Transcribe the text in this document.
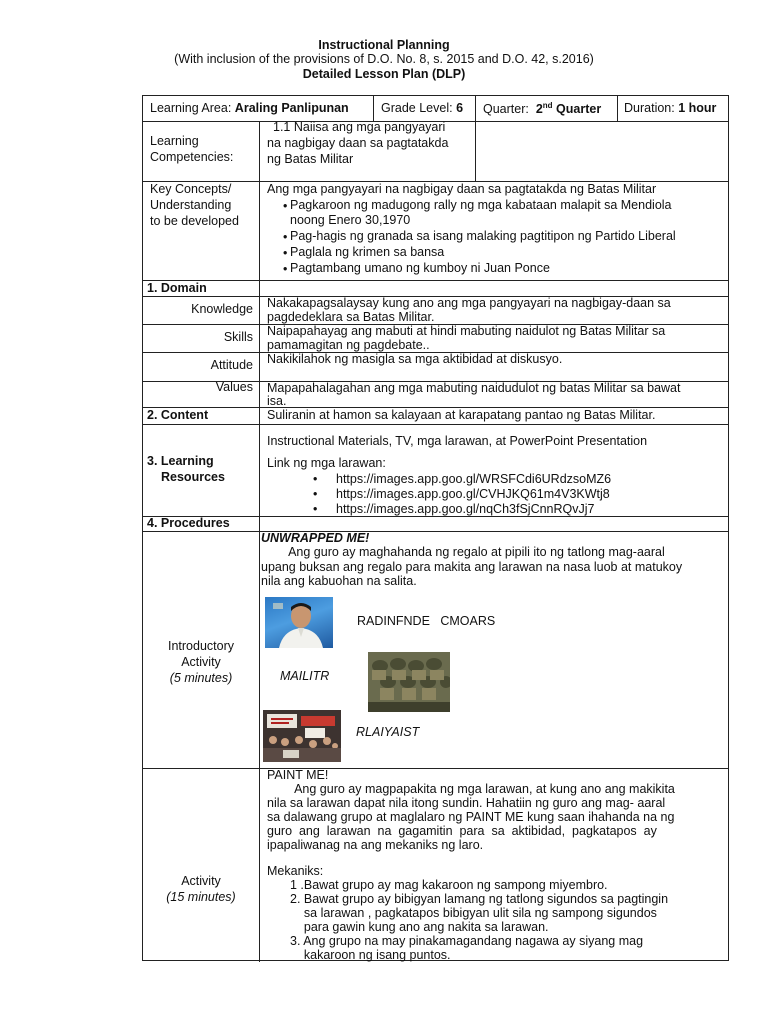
Instructional Planning
(With inclusion of the provisions of D.O. No. 8, s. 2015 and D.O. 42, s.2016)
Detailed Lesson Plan (DLP)
Learning Area: Araling Panlipunan	Grade Level: 6 Quarter: 2nd Quarter Duration: 1 hour
Learning
Competencies:
1.1 Naiisa ang mga pangyayari
na nagbigay daan sa pagtatakda
ng Batas Militar
Key Concepts/
Understanding
to be developed
Ang mga pangyayari na nagbigay daan sa pagtatakda ng Batas Militar
• Pagkaroon ng madugong rally ng mga kabataan malapit sa Mendiola
noong Enero 30,1970
• Pag-hagis ng granada sa isang malaking pagtitipon ng Partido Liberal
• Paglala ng krimen sa bansa
• Pagtambang umano ng kumboy ni Juan Ponce
1. Domain
Knowledge Nakakapagsalaysay kung ano ang mga pangyayari na nagbigay-daan sa
pagdedeklara sa Batas Militar.
Skills Naipapahayag ang mabuti at hindi mabuting naidulot ng Batas Militar sa
pamamagitan ng pagdebate..
Attitude Nakikilahok ng masigla sa mga aktibidad at diskusyo.
Values Mapapahalagahan ang mga mabuting naidudulot ng batas Militar sa bawat
isa.
2. Content	Suliranin at hamon sa kalayaan at karapatang pantao ng Batas Militar.
3. Learning
Resources
Instructional Materials, TV, mga larawan, at PowerPoint Presentation
Link ng mga larawan:
• https://images.app.goo.gl/WRSFCdi6URdzsoMZ6
• https://images.app.goo.gl/CVHJKQ61m4V3KWtj8
• https://images.app.goo.gl/nqCh3fSjCnnRQvJj7
4. Procedures
Introductory
Activity
(5 minutes)
UNWRAPPED ME!
Ang guro ay maghahanda ng regalo at pipili ito ng tatlong mag-aaral
upang buksan ang regalo para makita ang larawan na nasa luob at matukoy
nila ang kabuohan na salita.
RADINFNDE   CMOARS
MAILITR
RLAIYAIST
Activity
(15 minutes)
PAINT ME!
Ang guro ay magpapakita ng mga larawan, at kung ano ang makikita
nila sa larawan dapat nila itong sundin. Hahatiin ng guro ang mag- aaral
sa dalawang grupo at maglalaro ng PAINT ME kung saan ihahanda na ng
guro  ang  larawan  na  gagamitin  para  sa  aktibidad,  pagkatapos  ay
ipapaliwanag na ang mekaniks ng laro.
Mekaniks:
1 .Bawat grupo ay mag kakaroon ng sampong miyembro.
2. Bawat grupo ay bibigyan lamang ng tatlong sigundos sa pagtingin
sa larawan , pagkatapos bibigyan ulit sila ng sampong sigundos
para gawin kung ano ang nakita sa larawan.
3. Ang grupo na may pinakamagandang nagawa ay siyang mag
kakaroon ng isang puntos.
